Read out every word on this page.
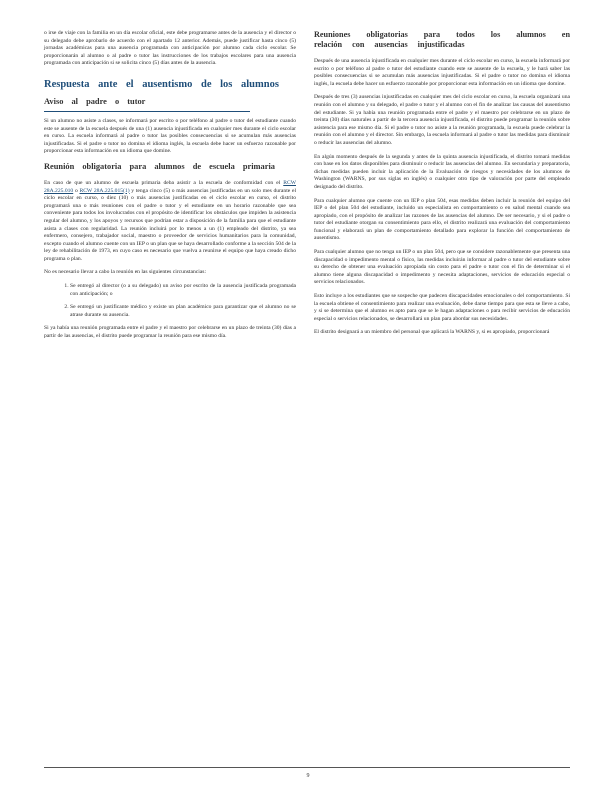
o irse de viaje con la familia en un día escolar oficial, este debe programarse antes de la ausencia y el director o su delegado debe aprobarlo de acuerdo con el apartado 12 anterior. Además, puede justificar hasta cinco (5) jornadas académicas para una ausencia programada con anticipación por alumno cada ciclo escolar. Se proporcionarán al alumno o al padre o tutor las instrucciones de los trabajos escolares para una ausencia programada con anticipación si se solicita cinco (5) días antes de la ausencia.

Respuesta ante el ausentismo de los alumnos
Aviso al padre o tutor

Si un alumno no asiste a clases, se informará por escrito o por teléfono al padre o tutor del estudiante cuando este se ausente de la escuela después de una (1) ausencia injustificada en cualquier mes durante el ciclo escolar en curso. La escuela informará al padre o tutor las posibles consecuencias si se acumulan más ausencias injustificadas. Si el padre o tutor no domina el idioma inglés, la escuela debe hacer un esfuerzo razonable por proporcionar esta información en un idioma que domine.

Reunión obligatoria para alumnos de escuela primaria

En caso de que un alumno de escuela primaria deba asistir a la escuela de conformidad con el RCW 28A.225.010 o RCW 28A.225.015(1) y tenga cinco (5) o más ausencias justificadas en un solo mes durante el ciclo escolar en curso, o diez (10) o más ausencias justificadas en el ciclo escolar en curso, el distrito programará una o más reuniones con el padre o tutor y el estudiante en un horario razonable que sea conveniente para todos los involucrados con el propósito de identificar los obstáculos que impiden la asistencia regular del alumno, y los apoyos y recursos que podrían estar a disposición de la familia para que el estudiante asista a clases con regularidad. La reunión incluirá por lo menos a un (1) empleado del distrito, ya sea enfermero, consejero, trabajador social, maestro o proveedor de servicios humanitarios para la comunidad, excepto cuando el alumno cuente con un IEP o un plan que se haya desarrollado conforme a la sección 504 de la ley de rehabilitación de 1973, en cuyo caso es necesario que vuelva a reunirse el equipo que haya creado dicho programa o plan.

No es necesario llevar a cabo la reunión en las siguientes circunstancias:

1. Se entregó al director (o a su delegado) un aviso por escrito de la ausencia justificada programada con anticipación; o
2. Se entregó un justificante médico y existe un plan académico para garantizar que el alumno no se atrase durante su ausencia.

Si ya había una reunión programada entre el padre y el maestro por celebrarse en un plazo de treinta (30) días a partir de las ausencias, el distrito puede programar la reunión para ese mismo día.

Reuniones obligatorias para todos los alumnos en relación con ausencias injustificadas

Después de una ausencia injustificada en cualquier mes durante el ciclo escolar en curso, la escuela informará por escrito o por teléfono al padre o tutor del estudiante cuando este se ausente de la escuela, y le hará saber las posibles consecuencias si se acumulan más ausencias injustificadas. Si el padre o tutor no domina el idioma inglés, la escuela debe hacer un esfuerzo razonable por proporcionar esta información en un idioma que domine.

Después de tres (3) ausencias injustificadas en cualquier mes del ciclo escolar en curso, la escuela organizará una reunión con el alumno y su delegado, el padre o tutor y el alumno con el fin de analizar las causas del ausentismo del estudiante. Si ya había una reunión programada entre el padre y el maestro por celebrarse en un plazo de treinta (30) días naturales a partir de la tercera ausencia injustificada, el distrito puede programar la reunión sobre asistencia para ese mismo día. Si el padre o tutor no asiste a la reunión programada, la escuela puede celebrar la reunión con el alumno y el director. Sin embargo, la escuela informará al padre o tutor las medidas para disminuir o reducir las ausencias del alumno.

En algún momento después de la segunda y antes de la quinta ausencia injustificada, el distrito tomará medidas con base en los datos disponibles para disminuir o reducir las ausencias del alumno. En secundaria y preparatoria, dichas medidas pueden incluir la aplicación de la Evaluación de riesgos y necesidades de los alumnos de Washington (WARNS, por sus siglas en inglés) o cualquier otro tipo de valoración por parte del empleado designado del distrito.

Para cualquier alumno que cuente con un IEP o plan 504, esas medidas deben incluir la reunión del equipo del IEP o del plan 504 del estudiante, incluido un especialista en comportamiento o en salud mental cuando sea apropiado, con el propósito de analizar las razones de las ausencias del alumno. De ser necesario, y si el padre o tutor del estudiante otorgan su consentimiento para ello, el distrito realizará una evaluación del comportamiento funcional y elaborará un plan de comportamiento detallado para explorar la función del comportamiento de ausentismo.

Para cualquier alumno que no tenga un IEP o un plan 504, pero que se considere razonablemente que presenta una discapacidad o impedimento mental o físico, las medidas incluirán informar al padre o tutor del estudiante sobre su derecho de obtener una evaluación apropiada sin costo para el padre o tutor con el fin de determinar si el alumno tiene alguna discapacidad o impedimento y necesita adaptaciones, servicios de educación especial o servicios relacionados.

Esto incluye a los estudiantes que se sospeche que padecen discapacidades emocionales o del comportamiento. Si la escuela obtiene el consentimiento para realizar una evaluación, debe darse tiempo para que esta se lleve a cabo, y si se determina que el alumno es apto para que se le hagan adaptaciones o para recibir servicios de educación especial o servicios relacionados, se desarrollará un plan para abordar sus necesidades.

El distrito designará a un miembro del personal que aplicará la WARNS y, si es apropiado, proporcionará

9
